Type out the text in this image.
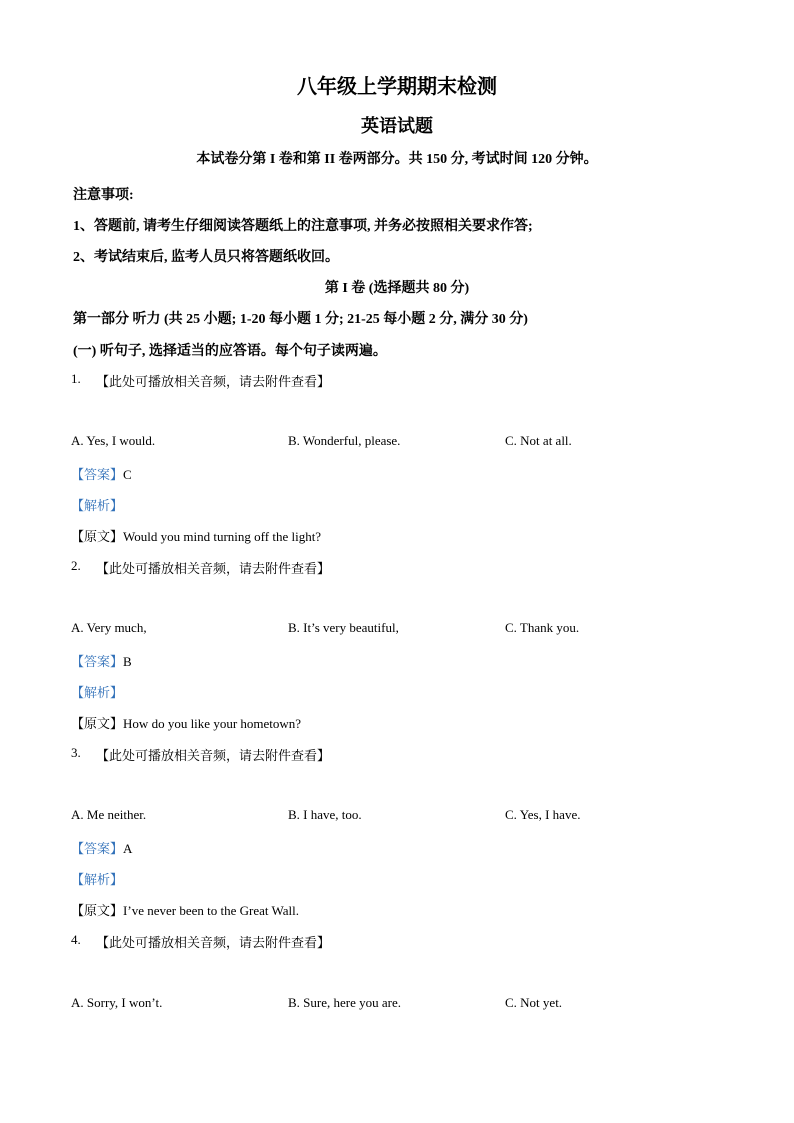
八年级上学期期末检测
英语试题
本试卷分第 I 卷和第 II 卷两部分。共 150 分, 考试时间 120 分钟。
注意事项:
1、答题前, 请考生仔细阅读答题纸上的注意事项, 并务必按照相关要求作答;
2、考试结束后, 监考人员只将答题纸收回。
第 I 卷 (选择题共 80 分)
第一部分 听力 (共 25 小题; 1-20 每小题 1 分; 21-25 每小题 2 分, 满分 30 分)
(一) 听句子, 选择适当的应答语。每个句子读两遍。
1. 【此处可播放相关音频，请去附件查看】
A. Yes, I would.	B. Wonderful, please.	C. Not at all.
【答案】C
【解析】
【原文】Would you mind turning off the light?
2. 【此处可播放相关音频，请去附件查看】
A. Very much,	B. It’s very beautiful,	C. Thank you.
【答案】B
【解析】
【原文】How do you like your hometown?
3. 【此处可播放相关音频，请去附件查看】
A. Me neither.	B. I have, too.	C. Yes, I have.
【答案】A
【解析】
【原文】I’ve never been to the Great Wall.
4. 【此处可播放相关音频，请去附件查看】
A. Sorry, I won’t.	B. Sure, here you are.	C. Not yet.
